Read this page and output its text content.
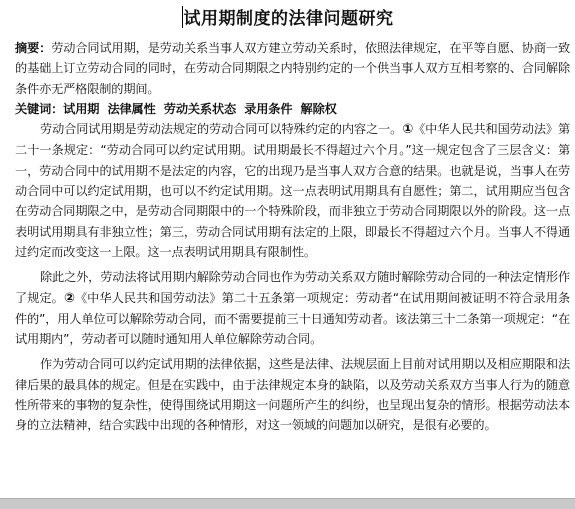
试用期制度的法律问题研究

摘要：劳动合同试用期，是劳动关系当事人双方建立劳动关系时，依照法律规定，在平等自愿、协商一致的基础上订立劳动合同的同时，在劳动合同期限之内特别约定的一个供当事人双方互相考察的、合同解除条件亦无严格限制的期间。

关键词：试用期  法律属性  劳动关系状态  录用条件  解除权

劳动合同试用期是劳动法规定的劳动合同可以特殊约定的内容之一。①《中华人民共和国劳动法》第二十一条规定：“劳动合同可以约定试用期。试用期最长不得超过六个月。”这一规定包含了三层含义：第一，劳动合同中的试用期不是法定的内容，它的出现乃是当事人双方合意的结果。也就是说，当事人在劳动合同中可以约定试用期，也可以不约定试用期。这一点表明试用期具有自愿性；第二，试用期应当包含在劳动合同期限之中，是劳动合同期限中的一个特殊阶段，而非独立于劳动合同期限以外的阶段。这一点表明试用期具有非独立性；第三，劳动合同试用期有法定的上限，即最长不得超过六个月。当事人不得通过约定而改变这一上限。这一点表明试用期具有限制性。

除此之外，劳动法将试用期内解除劳动合同也作为劳动关系双方随时解除劳动合同的一种法定情形作了规定。②《中华人民共和国劳动法》第二十五条第一项规定：劳动者“在试用期间被证明不符合录用条件的”，用人单位可以解除劳动合同，而不需要提前三十日通知劳动者。该法第三十二条第一项规定：“在试用期内”，劳动者可以随时通知用人单位解除劳动合同。

作为劳动合同可以约定试用期的法律依据，这些是法律、法规层面上目前对试用期以及相应期限和法律后果的最具体的规定。但是在实践中，由于法律规定本身的缺陷，以及劳动关系双方当事人行为的随意性所带来的事物的复杂性，使得围绕试用期这一问题所产生的纠纷，也呈现出复杂的情形。根据劳动法本身的立法精神，结合实践中出现的各种情形，对这一领域的问题加以研究，是很有必要的。
